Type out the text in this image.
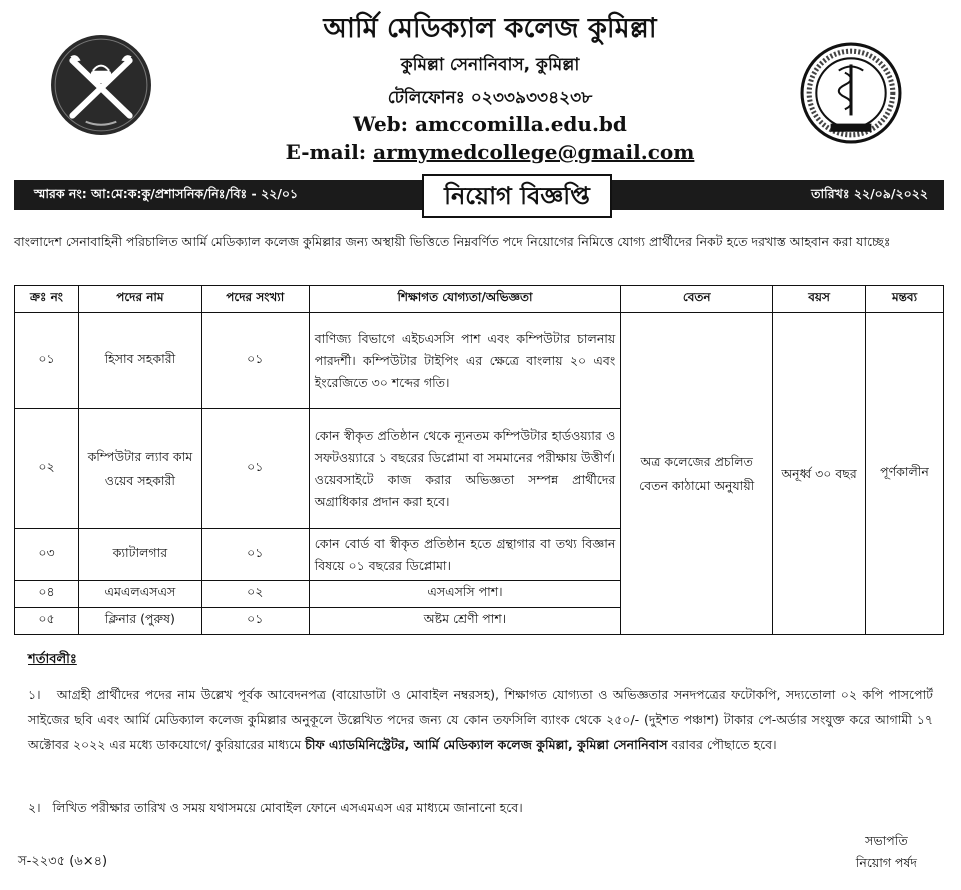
আর্মি মেডিক্যাল কলেজ কুমিল্লা
কুমিল্লা সেনানিবাস, কুমিল্লা
টেলিফোনঃ ০২৩৩৯৩৩৪২৩৮
Web: amccomilla.edu.bd
E-mail: armymedcollege@gmail.com
স্মারক নং: আ:মে:ক:কু/প্রশাসনিক/নিঃ/বিঃ - ২২/০১	নিয়োগ বিজ্ঞপ্তি	তারিখঃ ২২/০৯/২০২২
বাংলাদেশ সেনাবাহিনী পরিচালিত আর্মি মেডিক্যাল কলেজ কুমিল্লার জন্য অস্থায়ী ভিত্তিতে নিম্নবর্ণিত পদে নিয়োগের নিমিত্তে যোগ্য প্রার্থীদের নিকট হতে দরখাস্ত আহবান করা যাচ্ছেঃ
ক্রঃ নং	পদের নাম	পদের সংখ্যা	শিক্ষাগত যোগ্যতা/অভিজ্ঞতা	বেতন	বয়স	মন্তব্য
০১	হিসাব সহকারী	০১	বাণিজ্য বিভাগে এইচএসসি পাশ এবং কম্পিউটার চালনায় পারদর্শী। কম্পিউটার টাইপিং এর ক্ষেত্রে বাংলায় ২০ এবং ইংরেজিতে ৩০ শব্দের গতি।	অত্র কলেজের প্রচলিত বেতন কাঠামো অনুযায়ী	অনূর্ধ্ব ৩০ বছর	পূর্ণকালীন
০২	কম্পিউটার ল্যাব কাম ওয়েব সহকারী	০১	কোন স্বীকৃত প্রতিষ্ঠান থেকে ন্যূনতম কম্পিউটার হার্ডওয়্যার ও সফটওয়্যারে ১ বছরের ডিপ্লোমা বা সমমানের পরীক্ষায় উত্তীর্ণ। ওয়েবসাইটে কাজ করার অভিজ্ঞতা সম্পন্ন প্রার্থীদের অগ্রাধিকার প্রদান করা হবে।			
০৩	ক্যাটালগার	০১	কোন বোর্ড বা স্বীকৃত প্রতিষ্ঠান হতে গ্রন্থাগার বা তথ্য বিজ্ঞান বিষয়ে ০১ বছরের ডিপ্লোমা।			
০৪	এমএলএসএস	০২	এসএসসি পাশ।			
০৫	ক্লিনার (পুরুষ)	০১	অষ্টম শ্রেণী পাশ।			
শর্তাবলীঃ
১। আগ্রহী প্রার্থীদের পদের নাম উল্লেখ পূর্বক আবেদনপত্র (বায়োডাটা ও মোবাইল নম্বরসহ), শিক্ষাগত যোগ্যতা ও অভিজ্ঞতার সনদপত্রের ফটোকপি, সদ্যতোলা ০২ কপি পাসপোর্ট সাইজের ছবি এবং আর্মি মেডিক্যাল কলেজ কুমিল্লার অনুকূলে উল্লেখিত পদের জন্য যে কোন তফসিলি ব্যাংক থেকে ২৫০/- (দুইশত পঞ্চাশ) টাকার পে-অর্ডার সংযুক্ত করে আগামী ১৭ অক্টোবর ২০২২ এর মধ্যে ডাকযোগে/ কুরিয়ারের মাধ্যমে চীফ এ্যাডমিনিস্ট্রেটর, আর্মি মেডিক্যাল কলেজ কুমিল্লা, কুমিল্লা সেনানিবাস বরাবর পৌছাতে হবে।
২। লিখিত পরীক্ষার তারিখ ও সময় যথাসময়ে মোবাইল ফোনে এসএমএস এর মাধ্যমে জানানো হবে।
স-২২৩৫ (৬×৪)
সভাপতি
নিয়োগ পর্ষদ
